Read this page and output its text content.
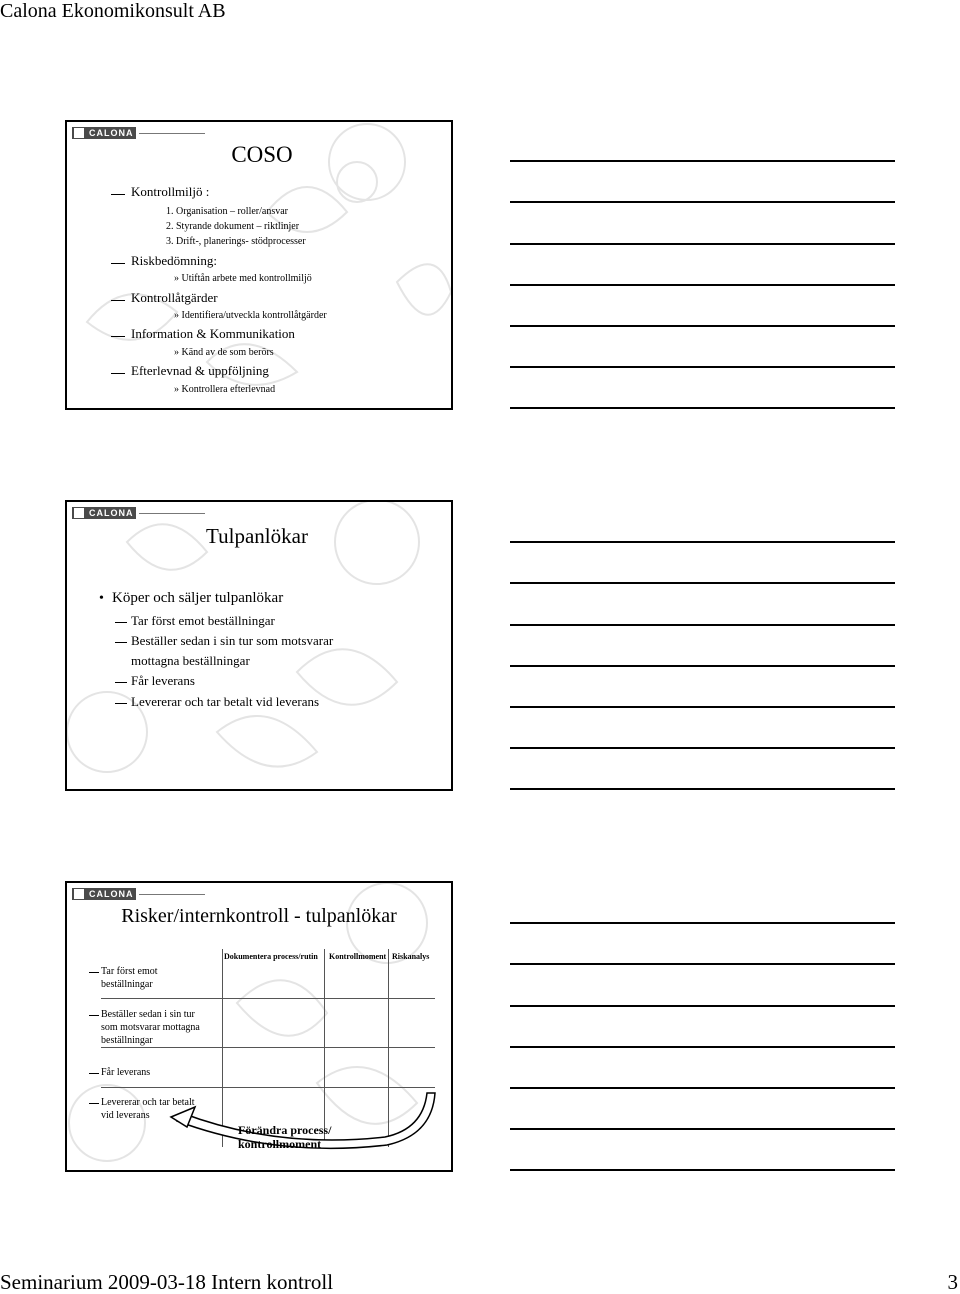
Calona Ekonomikonsult AB
CALONA
COSO
Kontrollmiljö :
1. Organisation – roller/ansvar
2. Styrande dokument – riktlinjer
3. Drift-, planerings- stödprocesser
Riskbedömning:
» Utiftån arbete med kontrollmiljö
Kontrollåtgärder
» Identifiera/utveckla kontrollåtgärder
Information & Kommunikation
» Känd av de som berörs
Efterlevnad & uppföljning
» Kontrollera efterlevnad
CALONA
Tulpanlökar
• Köper och säljer tulpanlökar
Tar först emot beställningar
Beställer sedan i sin tur som motsvarar
mottagna beställningar
Får leverans
Levererar och tar betalt vid leverans
CALONA
Risker/internkontroll - tulpanlökar
Dokumentera process/rutin Kontrollmoment Riskanalys
Tar först emot
beställningar
Beställer sedan i sin tur
som motsvarar mottagna
beställningar
Får leverans
Levererar och tar betalt
vid leverans
Förändra process/
kontrollmoment
Seminarium 2009-03-18 Intern kontroll	3
